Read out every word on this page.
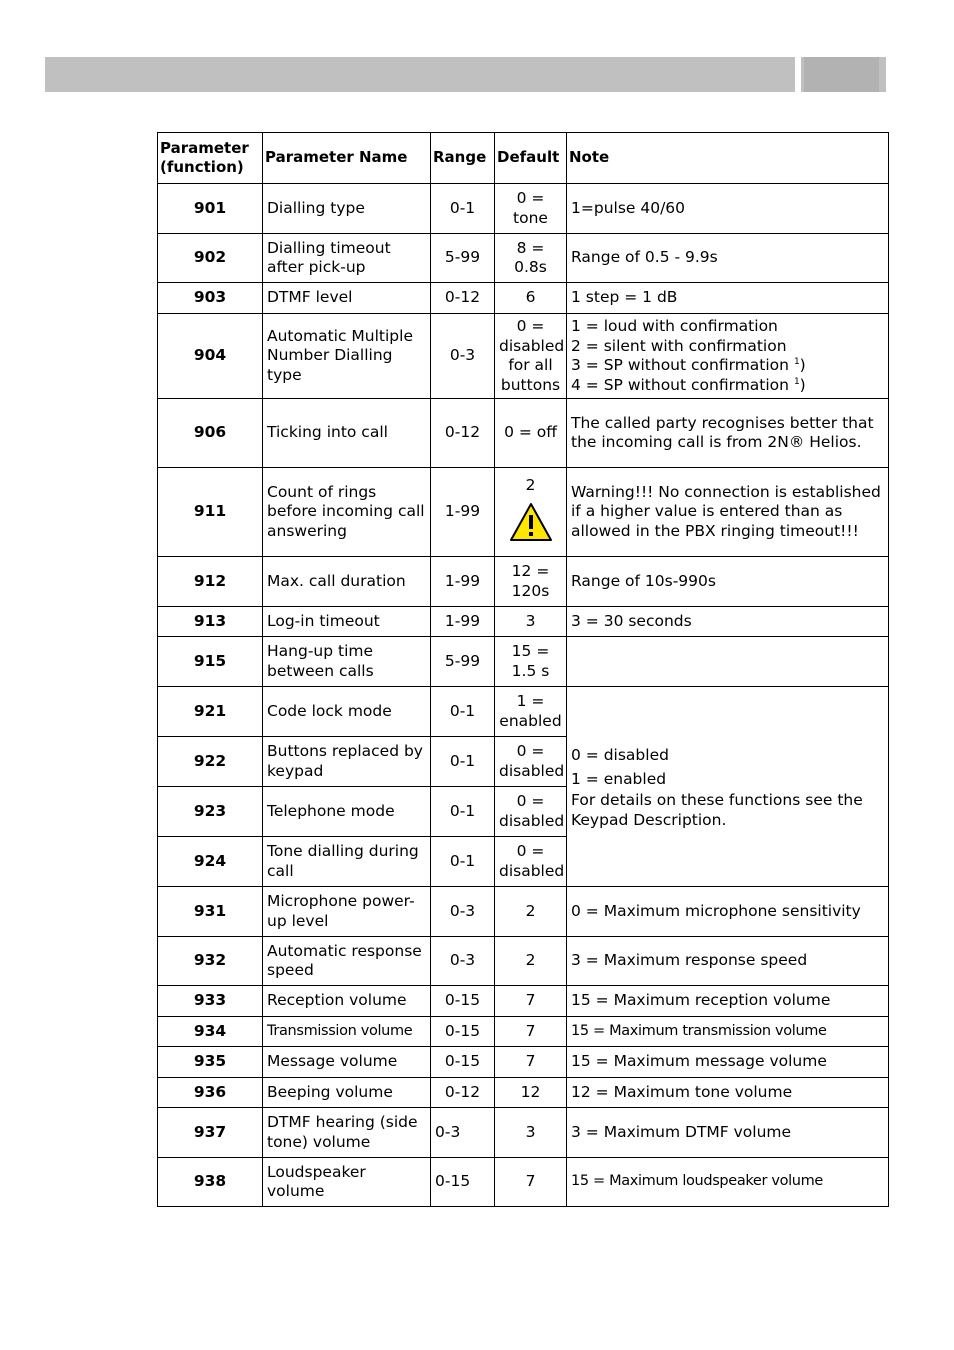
Parameter (function)	Parameter Name	Range	Default	Note
901	Dialling type	0-1	0 = tone	1=pulse 40/60
902	Dialling timeout after pick-up	5-99	8 = 0.8s	Range of 0.5 - 9.9s
903	DTMF level	0-12	6	1 step = 1 dB
904	Automatic Multiple Number Dialling type	0-3	0 = disabled for all buttons	1 = loud with confirmation
2 = silent with confirmation
3 = SP without confirmation $^1$)
4 = SP without confirmation $^1$)

906	Ticking into call	0-12	0 = off	The called party recognises better that the incoming call is from 2N® Helios.
911	Count of rings before incoming call answering	1-99	2	Warning!!! No connection is established if a higher value is entered than as allowed in the PBX ringing timeout!!!
912	Max. call duration	1-99	12 = 120s	Range of 10s-990s
913	Log-in timeout	1-99	3	3 = 30 seconds
915	Hang-up time between calls	5-99	15 = 1.5 s	
921	Code lock mode	0-1	1 = enabled	0 = disabled
1 = enabled
For details on these functions see the Keypad Description.

922	Buttons replaced by keypad	0-1	0 = disabled	
923	Telephone mode	0-1	0 = disabled	
924	Tone dialling during call	0-1	0 = disabled	
931	Microphone power-up level	0-3	2	0 = Maximum microphone sensitivity
932	Automatic response speed	0-3	2	3 = Maximum response speed
933	Reception volume	0-15	7	15 = Maximum reception volume
934	Transmission volume	0-15	7	15 = Maximum transmission volume
935	Message volume	0-15	7	15 = Maximum message volume
936	Beeping volume	0-12	12	12 = Maximum tone volume
937	DTMF hearing (side tone) volume	0-3	3	3 = Maximum DTMF volume
938	Loudspeaker volume	0-15	7	15 = Maximum loudspeaker volume
